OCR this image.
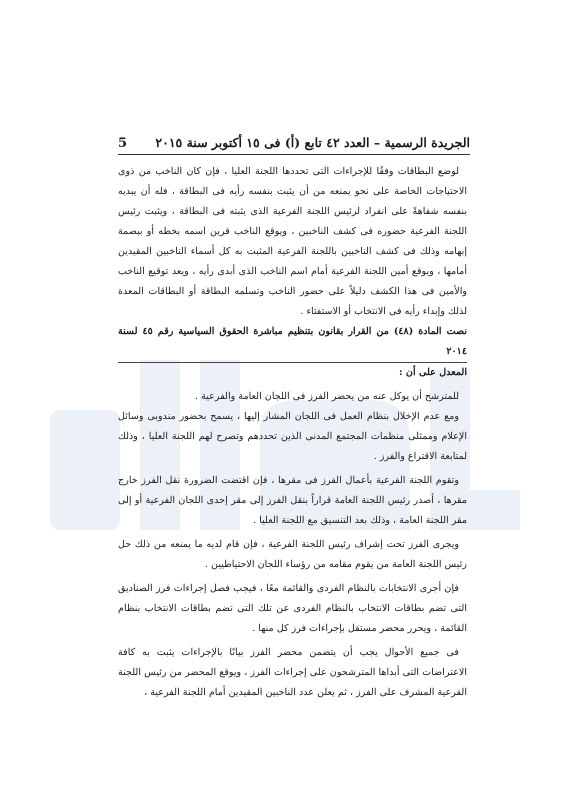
الجريدة الرسمية – العدد ٤٢ تابع (أ) فى ١٥ أكتوبر سنة ٢٠١٥
5

لوضع البطاقات وفقًا للإجراءات التى تحددها اللجنة العليا ، فإن كان الناخب من ذوى الاحتياجات الخاصة على نحو يمنعه من أن يثبت بنفسه رأيه فى البطاقة ، فله أن يبديه بنفسه شفاهةً على انفراد لرئيس اللجنة الفرعية الذى يثبته فى البطاقة ، ويثبت رئيس اللجنة الفرعية حضوره فى كشف الناخبين ، ويوقع الناخب قرين اسمه بخطه أو ببصمة إبهامه وذلك فى كشف الناخبين باللجنة الفرعية المثبت به كل أسماء الناخبين المقيدين أمامها ، ويوقع أمين اللجنة الفرعية أمام اسم الناخب الذى أبدى رأيه ، ويعد توقيع الناخب والأمين فى هذا الكشف دليلاً على حضور الناخب وتسلمه البطاقة أو البطاقات المعدة لذلك وإبداء رأيه فى الانتخاب أو الاستفتاء .

نصت المادة (٤٨) من القرار بقانون بتنظيم مباشرة الحقوق السياسية رقم ٤٥ لسنة ٢٠١٤

المعدل على أن :

للمترشح أن يوكل عنه من يحضر الفرز فى اللجان العامة والفرعية .

ومع عدم الإخلال بنظام العمل فى اللجان المشار إليها ، يسمح بحضور مندوبى وسائل الإعلام وممثلى منظمات المجتمع المدنى الذين تحددهم وتصرح لهم اللجنة العليا ، وذلك لمتابعة الاقتراع والفرز .

وتقوم اللجنة الفرعية بأعمال الفرز فى مقرها ، فإن اقتضت الضرورة نقل الفرز خارج مقرها ، أصدر رئيس اللجنة العامة قراراً بنقل الفرز إلى مقر إحدى اللجان الفرعية أو إلى مقر اللجنة العامة ، وذلك بعد التنسيق مع اللجنة العليا .

ويجرى الفرز تحت إشراف رئيس اللجنة الفرعية ، فإن قام لديه ما يمنعه من ذلك حل رئيس اللجنة العامة من يقوم مقامه من رؤساء اللجان الاحتياطيين .

فإن أجرى الانتخابات بالنظام الفردى والقائمة معًا ، فيجب فصل إجراءات فرز الصناديق التى تضم بطاقات الانتخاب بالنظام الفردى عن تلك التى تضم بطاقات الانتخاب بنظام القائمة ، ويحرر محضر مستقل بإجراءات فرز كل منها .

فى جميع الأحوال يجب أن يتضمن محضر الفرز بيانًا بالإجراءات يثبت به كافة الاعتراضات التى أبداها المترشحون على إجراءات الفرز ، ويوقع المحضر من رئيس اللجنة الفرعية المشرف على الفرز ، ثم يعلن عدد الناخبين المقيدين أمام اللجنة الفرعية ،
